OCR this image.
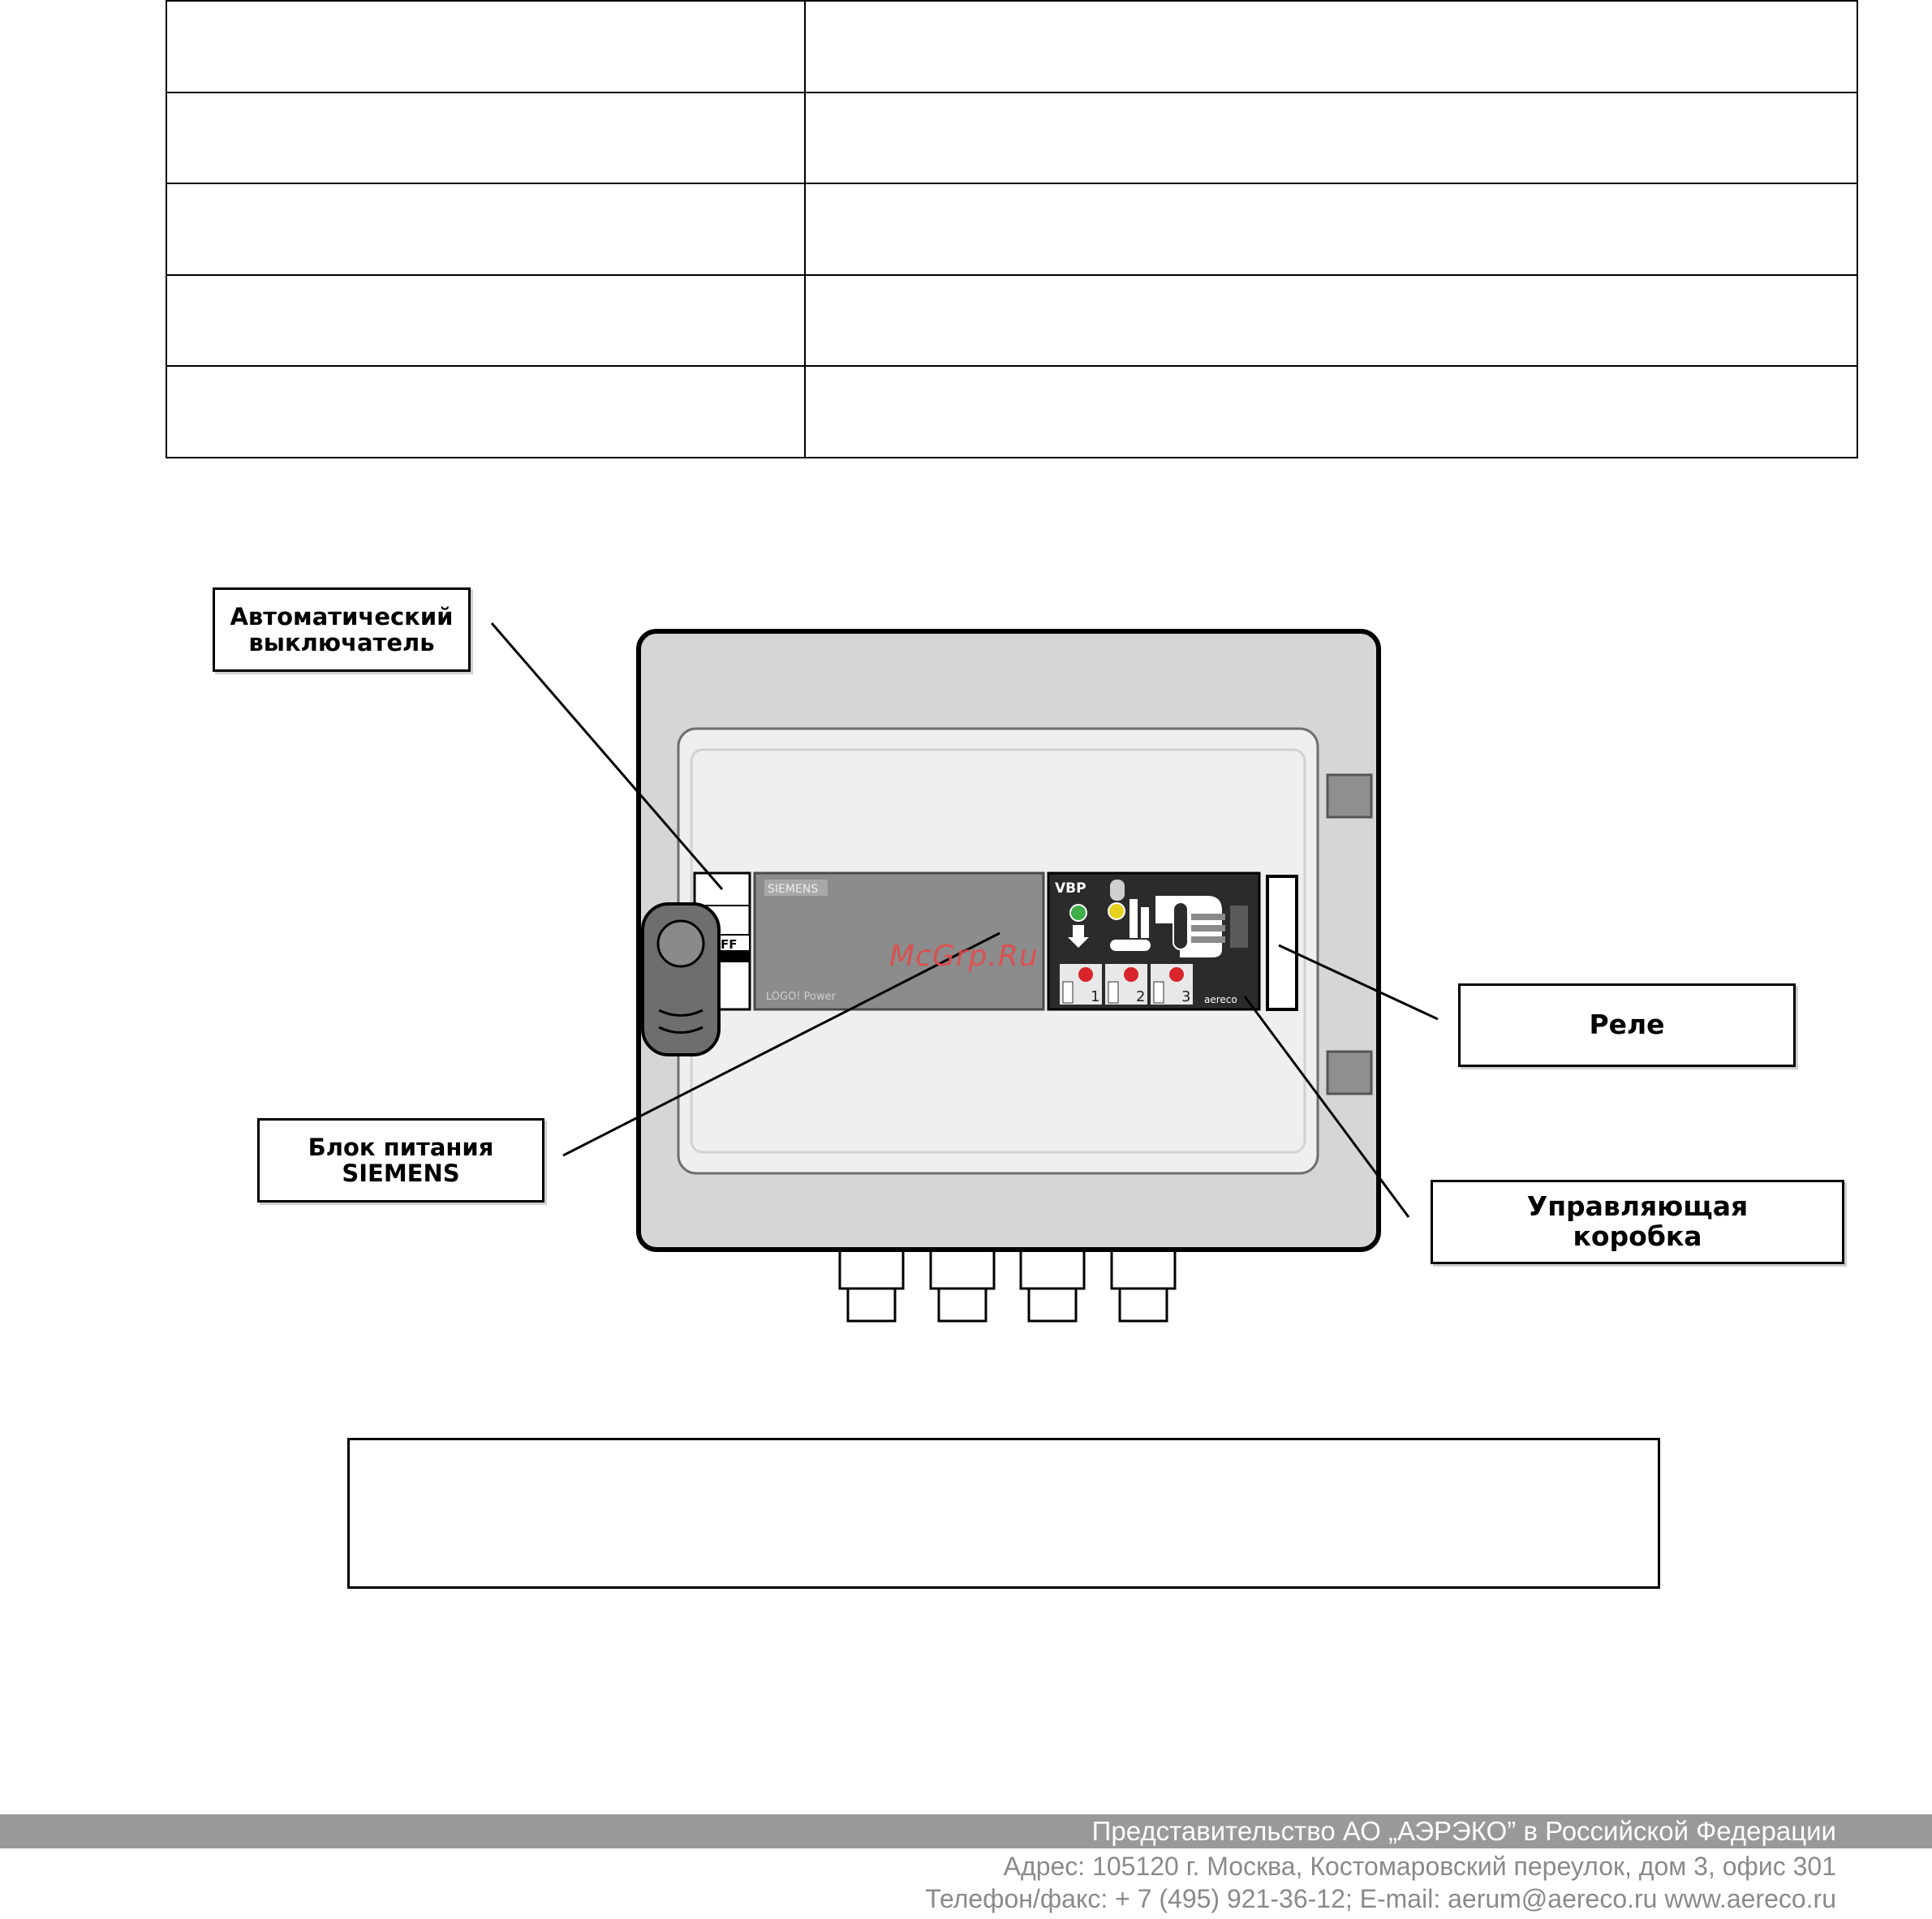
FF
SIEMENS
LOGO! Power
VBP
1 2 3 aereco
Автоматический
выключатель
Блок питания
SIEMENS
Реле
Управляющая
коробка
McGrp.Ru
Представительство АО „АЭРЭКО” в Российской Федерации
Адрес: 105120 г. Москва, Костомаровский переулок, дом 3, офис 301
Телефон/факс: + 7 (495) 921-36-12; E-mail: aerum@aereco.ru www.aereco.ru
